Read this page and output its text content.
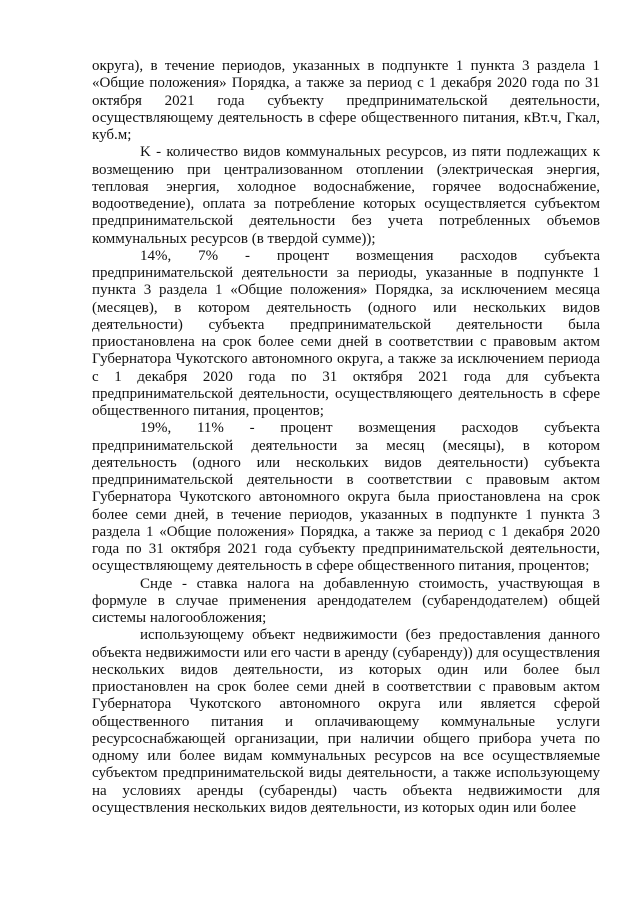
округа), в течение периодов, указанных в подпункте 1 пункта 3 раздела 1 «Общие положения» Порядка, а также за период с 1 декабря 2020 года по 31 октября 2021 года субъекту предпринимательской деятельности, осуществляющему деятельность в сфере общественного питания, кВт.ч, Гкал, куб.м;

K - количество видов коммунальных ресурсов, из пяти подлежащих к возмещению при централизованном отоплении (электрическая энергия, тепловая энергия, холодное водоснабжение, горячее водоснабжение, водоотведение), оплата за потребление которых осуществляется субъектом предпринимательской деятельности без учета потребленных объемов коммунальных ресурсов (в твердой сумме));

14%, 7% - процент возмещения расходов субъекта предпринимательской деятельности за периоды, указанные в подпункте 1 пункта 3 раздела 1 «Общие положения» Порядка, за исключением месяца (месяцев), в котором деятельность (одного или нескольких видов деятельности) субъекта предпринимательской деятельности была приостановлена на срок более семи дней в соответствии с правовым актом Губернатора Чукотского автономного округа, а также за исключением периода с 1 декабря 2020 года по 31 октября 2021 года для субъекта предпринимательской деятельности, осуществляющего деятельность в сфере общественного питания, процентов;

19%, 11% - процент возмещения расходов субъекта предпринимательской деятельности за месяц (месяцы), в котором деятельность (одного или нескольких видов деятельности) субъекта предпринимательской деятельности в соответствии с правовым актом Губернатора Чукотского автономного округа была приостановлена на срок более семи дней, в течение периодов, указанных в подпункте 1 пункта 3 раздела 1 «Общие положения» Порядка, а также за период с 1 декабря 2020 года по 31 октября 2021 года субъекту предпринимательской деятельности, осуществляющему деятельность в сфере общественного питания, процентов;

Снде - ставка налога на добавленную стоимость, участвующая в формуле в случае применения арендодателем (субарендодателем) общей системы налогообложения;

использующему объект недвижимости (без предоставления данного объекта недвижимости или его части в аренду (субаренду)) для осуществления нескольких видов деятельности, из которых один или более был приостановлен на срок более семи дней в соответствии с правовым актом Губернатора Чукотского автономного округа или является сферой общественного питания и оплачивающему коммунальные услуги ресурсоснабжающей организации, при наличии общего прибора учета по одному или более видам коммунальных ресурсов на все осуществляемые субъектом предпринимательской виды деятельности, а также использующему на условиях аренды (субаренды) часть объекта недвижимости для осуществления нескольких видов деятельности, из которых один или более
